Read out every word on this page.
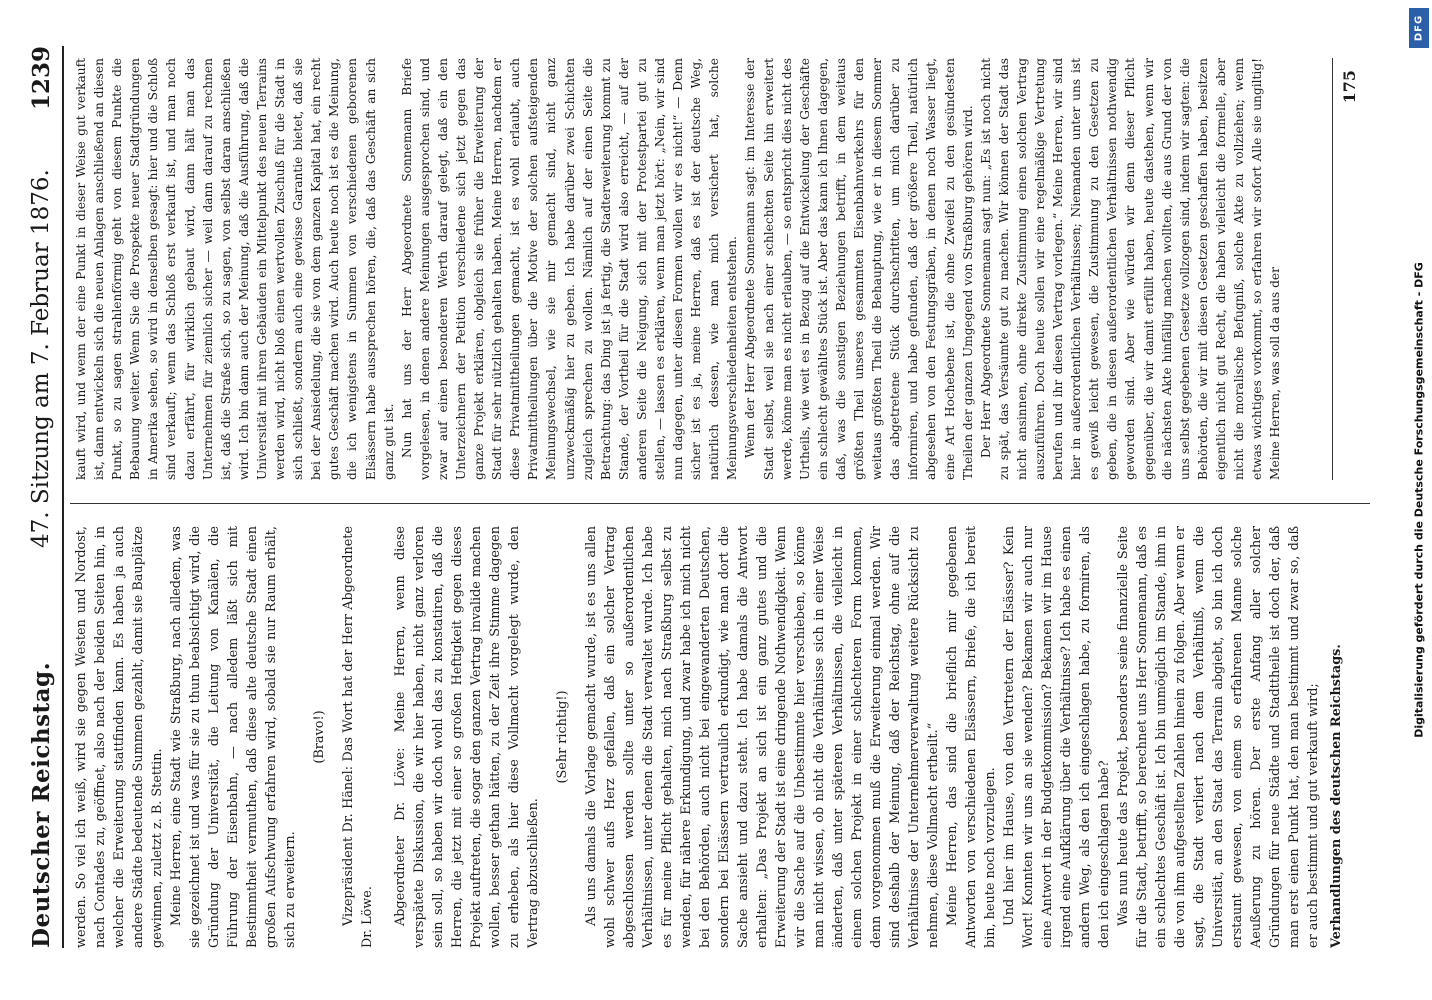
Deutscher Reichstag.
47. Sitzung am 7. Februar 1876.
1239

werden. So viel ich weiß, wird sie gegen Westen und Nordost, nach Contades zu, geöffnet, also nach der beiden Seiten hin, in welcher die Erweiterung stattfinden kann. Es haben ja auch andere Städte bedeutende Summen gezahlt, damit sie Bauplätze gewinnen, zuletzt z. B. Stettin. Meine Herren, eine Stadt wie Straßburg, nach alledem, was sie gezeichnet ist und was für sie zu thun beabsichtigt wird, die Gründung der Universität, die Leitung von Kanälen, die Führung der Eisenbahn, — nach alledem läßt sich mit Bestimmtheit vermuthen, daß diese alte deutsche Stadt einen großen Aufschwung erfahren wird, sobald sie nur Raum erhält, sich zu erweitern.

(Bravo!) Vizepräsident Dr. Hänel: Das Wort hat der Herr Abgeordnete Dr. Löwe. Abgeordneter Dr. Löwe: Meine Herren, wenn diese verspätete Diskussion, die wir hier haben, nicht ganz verloren sein soll, so haben wir doch wohl das zu konstatiren, daß die Herren, die jetzt mit einer so großen Heftigkeit gegen dieses Projekt auftreten, die sogar den ganzen Vertrag invalide machen wollen, besser gethan hätten, zu der Zeit ihre Stimme dagegen zu erheben, als hier diese Vollmacht vorgelegt wurde, den Vertrag abzuschließen.

(Sehr richtig!) Als uns damals die Vorlage gemacht wurde, ist es uns allen wohl schwer aufs Herz gefallen, daß ein solcher Vertrag abgeschlossen werden sollte unter so außerordentlichen Verhältnissen, unter denen die Stadt verwaltet wurde. Ich habe es für meine Pflicht gehalten, mich nach Straßburg selbst zu wenden, für nähere Erkundigung, und zwar habe ich mich nicht bei den Behörden, auch nicht bei eingewanderten Deutschen, sondern bei Elsässern vertraulich erkundigt, wie man dort die Sache ansieht und dazu steht. Ich habe damals die Antwort erhalten: „Das Projekt an sich ist ein ganz gutes und die Erweiterung der Stadt ist eine dringende Nothwendigkeit. Wenn wir die Sache auf die Unbestimmte hier verschieben, so könne man nicht wissen, ob nicht die Verhältnisse sich in einer Weise änderten, daß unter späteren Verhältnissen, die vielleicht in einem solchen Projekt in einer schlechteren Form kommen, denn vorgenommen muß die Erweiterung einmal werden. Wir sind deshalb der Meinung, daß der Reichstag, ohne auf die Verhältnisse der Unternehmerverwaltung weitere Rücksicht zu nehmen, diese Vollmacht ertheilt.“ Meine Herren, das sind die brieflich mir gegebenen Antworten von verschiedenen Elsässern, Briefe, die ich bereit bin, heute noch vorzulegen. Und hier im Hause, von den Vertretern der Elsässer? Kein Wort! Konnten wir uns an sie wenden? Bekamen wir auch nur eine Antwort in der Budgetkommission? Bekamen wir im Hause irgend eine Aufklärung über die Verhältnisse? Ich habe es einen andern Weg, als den ich eingeschlagen habe, zu formiren, als den ich eingeschlagen habe? Was nun heute das Projekt, besonders seine finanzielle Seite für die Stadt, betrifft, so berechnet uns Herr Sonnemann, daß es ein schlechtes Geschäft ist. Ich bin unmöglich im Stande, ihm in die von ihm aufgestellten Zahlen hinein zu folgen. Aber wenn er sagt, die Stadt verliert nach dem Verhältniß, wenn die Universität, an den Staat das Terrain abgiebt, so bin ich doch erstaunt gewesen, von einem so erfahrenen Manne solche Aeußerung zu hören. Der erste Anfang aller solcher Gründungen für neue Städte und Stadttheile ist doch der, daß man erst einen Punkt hat, den man bestimmt und zwar so, daß er auch bestimmt und gut verkauft wird; Verhandlungen des deutschen Reichstags.

kauft wird, und wenn der eine Punkt in dieser Weise gut verkauft ist, dann entwickeln sich die neuen Anlagen anschließend an diesen Punkt, so zu sagen strahlenförmig geht von diesem Punkte die Bebauung weiter. Wenn Sie die Prospekte neuer Stadtgründungen in Amerika sehen, so wird in denselben gesagt: hier und die Schloß sind verkauft; wenn das Schloß erst verkauft ist, und man noch dazu erfährt, für wirklich gebaut wird, dann hält man das Unternehmen für ziemlich sicher — weil dann darauf zu rechnen ist, daß die Straße sich, so zu sagen, von selbst daran anschließen wird. Ich bin dann auch der Meinung, daß die Ausführung, daß die Universität mit ihren Gebäuden ein Mittelpunkt des neuen Terrains werden wird, nicht bloß einen wertvollen Zuschuß für die Stadt in sich schließt, sondern auch eine gewisse Garantie bietet, daß sie bei der Ansiedelung, die sie von dem ganzen Kapital hat, ein recht gutes Geschäft machen wird. Auch heute noch ist es die Meinung, die ich wenigstens in Summen von verschiedenen geborenen Elsässern habe aussprechen hören, die, daß das Geschäft an sich ganz gut ist. Nun hat uns der Herr Abgeordnete Sonnemann Briefe vorgelesen, in denen andere Meinungen ausgesprochen sind, und zwar auf einen besonderen Werth darauf gelegt, daß ein den Unterzeichnern der Petition verschiedene sich jetzt gegen das ganze Projekt erklären, obgleich sie früher die Erweiterung der Stadt für sehr nützlich gehalten haben. Meine Herren, nachdem er diese Privatmittheilungen gemacht, ist es wohl erlaubt, auch Privatmittheilungen über die Motive der solchen aufsteigenden Meinungswechsel, wie sie mir gemacht sind, nicht ganz unzweckmäßig hier zu geben. Ich habe darüber zwei Schichten zugleich sprechen zu wollen. Nämlich auf der einen Seite die Betrachtung: das Ding ist ja fertig, die Stadterweiterung kommt zu Stande, der Vortheil für die Stadt wird also erreicht, — auf der anderen Seite die Neigung, sich mit der Protestpartei gut zu stellen, — lassen es erklären, wenn man jetzt hört: „Nein, wir sind nun dagegen, unter diesen Formen wollen wir es nicht!“ — Denn sicher ist es ja, meine Herren, daß es ist der deutsche Weg, natürlich dessen, wie man mich versichert hat, solche Meinungsverschiedenheiten entstehen. Wenn der Herr Abgeordnete Sonnemann sagt: im Interesse der Stadt selbst, weil sie nach einer schlechten Seite hin erweitert werde, könne man es nicht erlauben, — so entspricht dies nicht des Urtheils, wie weit es in Bezug auf die Entwickelung der Geschäfte ein schlecht gewähltes Stück ist. Aber das kann ich Ihnen dagegen, daß, was die sonstigen Beziehungen betrifft, in dem weitaus größten Theil unseres gesammten Eisenbahnverkehrs für den weitaus größten Theil die Behauptung, wie er in diesem Sommer das abgetretene Stück durchschritten, um mich darüber zu informiren, und habe gefunden, daß der größere Theil, natürlich abgesehen von den Festungsgräben, in denen noch Wasser liegt, eine Art Hochebene ist, die ohne Zweifel zu den gesündesten Theilen der ganzen Umgegend von Straßburg gehören wird. Der Herr Abgeordnete Sonnemann sagt nun: „Es ist noch nicht zu spät, das Versäumte gut zu machen. Wir können der Stadt das nicht ansinnen, ohne direkte Zustimmung einen solchen Vertrag auszuführen. Doch heute sollen wir eine regelmäßige Vertretung berufen und ihr diesen Vertrag vorlegen.“ Meine Herren, wir sind hier in außerordentlichen Verhältnissen; Niemanden unter uns ist es gewiß leicht gewesen, die Zustimmung zu den Gesetzen zu geben, die in diesen außerordentlichen Verhältnissen nothwendig geworden sind. Aber wie würden wir denn dieser Pflicht gegenüber, die wir damit erfüllt haben, heute dastehen, wenn wir die nächsten Akte hinfällig machen wollten, die aus Grund der von uns selbst gegebenen Gesetze vollzogen sind, indem wir sagten: die Behörden, die wir mit diesen Gesetzen geschaffen haben, besitzen eigentlich nicht gut Recht, die haben vielleicht die formelle, aber nicht die moralische Befugniß, solche Akte zu vollziehen; wenn etwas wichtiges vorkommt, so erfahren wir sofort Alle sie ungiltig! Meine Herren, was soll da aus der

175
DFG
Digitalisierung gefördert durch die Deutsche Forschungsgemeinschaft - DFG
